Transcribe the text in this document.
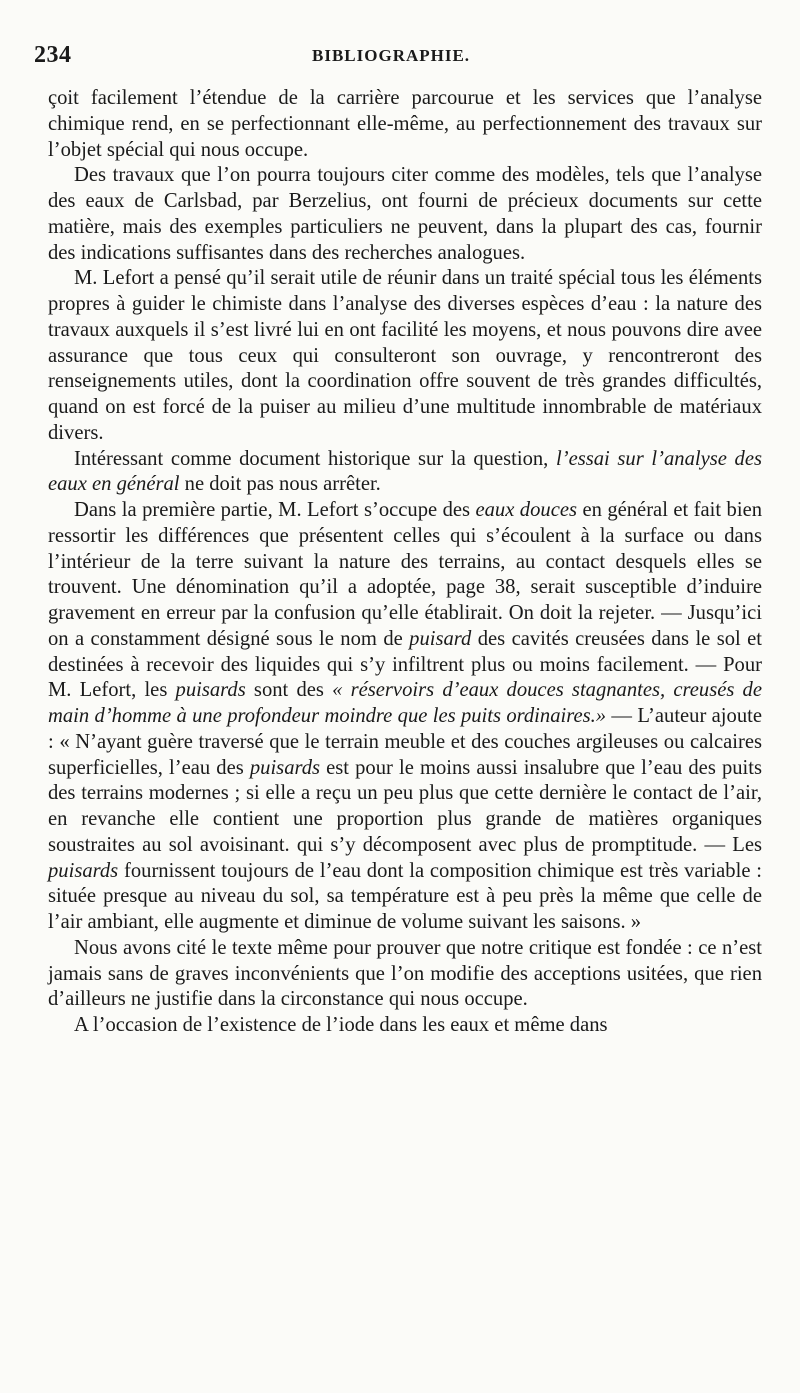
234	BIBLIOGRAPHIE.

çoit facilement l’étendue de la carrière parcourue et les services que l’analyse chimique rend, en se perfectionnant elle-même, au perfectionnement des travaux sur l’objet spécial qui nous occupe.

Des travaux que l’on pourra toujours citer comme des modèles, tels que l’analyse des eaux de Carlsbad, par Berzelius, ont fourni de précieux documents sur cette matière, mais des exemples particuliers ne peuvent, dans la plupart des cas, fournir des indications suffisantes dans des recherches analogues.

M. Lefort a pensé qu’il serait utile de réunir dans un traité spécial tous les éléments propres à guider le chimiste dans l’analyse des diverses espèces d’eau : la nature des travaux auxquels il s’est livré lui en ont facilité les moyens, et nous pouvons dire avee assurance que tous ceux qui consulteront son ouvrage, y rencontreront des renseignements utiles, dont la coordination offre souvent de très grandes difficultés, quand on est forcé de la puiser au milieu d’une multitude innombrable de matériaux divers.

Intéressant comme document historique sur la question, l’essai sur l’analyse des eaux en général ne doit pas nous arrêter.

Dans la première partie, M. Lefort s’occupe des eaux douces en général et fait bien ressortir les différences que présentent celles qui s’écoulent à la surface ou dans l’intérieur de la terre suivant la nature des terrains, au contact desquels elles se trouvent. Une dénomination qu’il a adoptée, page 38, serait susceptible d’induire gravement en erreur par la confusion qu’elle établirait. On doit la rejeter. — Jusqu’ici on a constamment désigné sous le nom de puisard des cavités creusées dans le sol et destinées à recevoir des liquides qui s’y infiltrent plus ou moins facilement. — Pour M. Lefort, les puisards sont des « réservoirs d’eaux douces stagnantes, creusés de main d’homme à une profondeur moindre que les puits ordinaires.» — L’auteur ajoute : « N’ayant guère traversé que le terrain meuble et des couches argileuses ou calcaires superficielles, l’eau des puisards est pour le moins aussi insalubre que l’eau des puits des terrains modernes ; si elle a reçu un peu plus que cette dernière le contact de l’air, en revanche elle contient une proportion plus grande de matières organiques soustraites au sol avoisinant. qui s’y décomposent avec plus de promptitude. — Les puisards fournissent toujours de l’eau dont la composition chimique est très variable : située presque au niveau du sol, sa température est à peu près la même que celle de l’air ambiant, elle augmente et diminue de volume suivant les saisons. »

Nous avons cité le texte même pour prouver que notre critique est fondée : ce n’est jamais sans de graves inconvénients que l’on modifie des acceptions usitées, que rien d’ailleurs ne justifie dans la circonstance qui nous occupe.

A l’occasion de l’existence de l’iode dans les eaux et même dans
